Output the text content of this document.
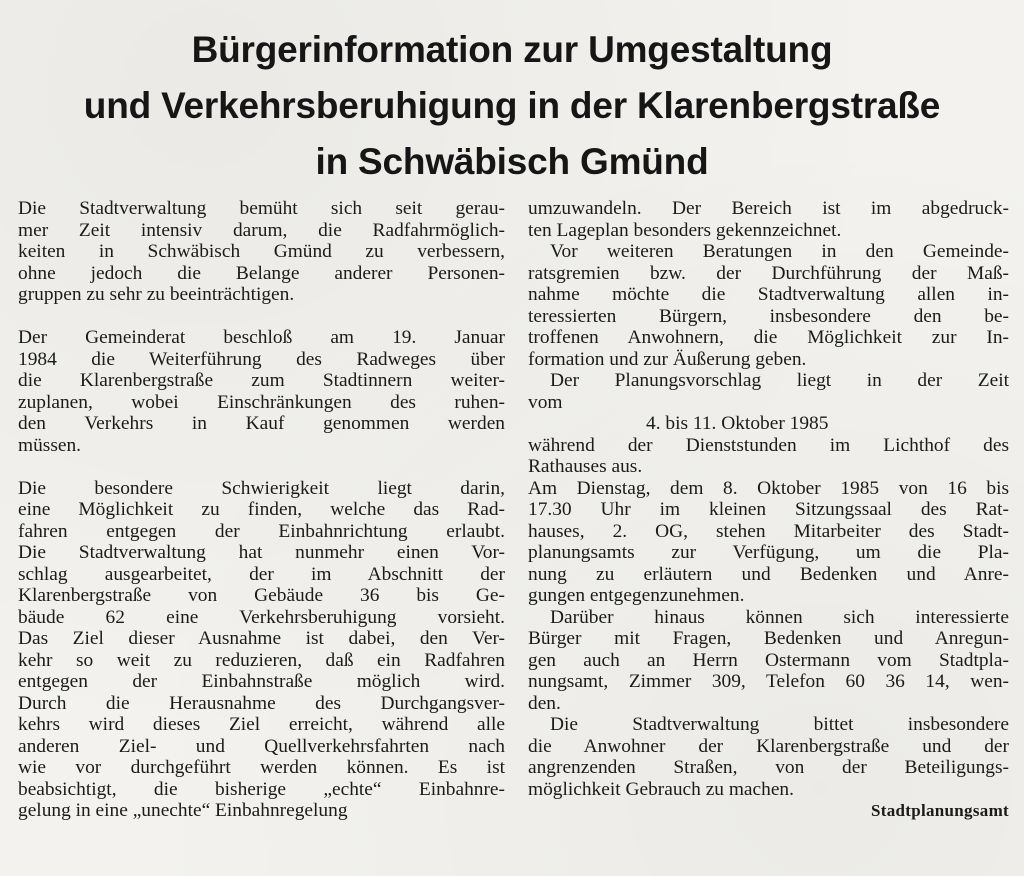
Bürgerinformation zur Umgestaltung
und Verkehrsberuhigung in der Klarenbergstraße
in Schwäbisch Gmünd
Die Stadtverwaltung bemüht sich seit gerau-
mer Zeit intensiv darum, die Radfahrmöglich-
keiten in Schwäbisch Gmünd zu verbessern,
ohne jedoch die Belange anderer Personen-
gruppen zu sehr zu beeinträchtigen.
Der Gemeinderat beschloß am 19. Januar
1984 die Weiterführung des Radweges über
die Klarenbergstraße zum Stadtinnern weiter-
zuplanen, wobei Einschränkungen des ruhen-
den Verkehrs in Kauf genommen werden
müssen.
Die besondere Schwierigkeit liegt darin,
eine Möglichkeit zu finden, welche das Rad-
fahren entgegen der Einbahnrichtung erlaubt.
Die Stadtverwaltung hat nunmehr einen Vor-
schlag ausgearbeitet, der im Abschnitt der
Klarenbergstraße von Gebäude 36 bis Ge-
bäude 62 eine Verkehrsberuhigung vorsieht.
Das Ziel dieser Ausnahme ist dabei, den Ver-
kehr so weit zu reduzieren, daß ein Radfahren
entgegen der Einbahnstraße möglich wird.
Durch die Herausnahme des Durchgangsver-
kehrs wird dieses Ziel erreicht, während alle
anderen Ziel- und Quellverkehrsfahrten nach
wie vor durchgeführt werden können. Es ist
beabsichtigt, die bisherige „echte“ Einbahnre-
gelung in eine „unechte“ Einbahnregelung
umzuwandeln. Der Bereich ist im abgedruck-
ten Lageplan besonders gekennzeichnet.
Vor weiteren Beratungen in den Gemeinde-
ratsgremien bzw. der Durchführung der Maß-
nahme möchte die Stadtverwaltung allen in-
teressierten Bürgern, insbesondere den be-
troffenen Anwohnern, die Möglichkeit zur In-
formation und zur Äußerung geben.
Der Planungsvorschlag liegt in der Zeit
vom
4. bis 11. Oktober 1985
während der Dienststunden im Lichthof des
Rathauses aus.
Am Dienstag, dem 8. Oktober 1985 von 16 bis
17.30 Uhr im kleinen Sitzungssaal des Rat-
hauses, 2. OG, stehen Mitarbeiter des Stadt-
planungsamts zur Verfügung, um die Pla-
nung zu erläutern und Bedenken und Anre-
gungen entgegenzunehmen.
Darüber hinaus können sich interessierte
Bürger mit Fragen, Bedenken und Anregun-
gen auch an Herrn Ostermann vom Stadtpla-
nungsamt, Zimmer 309, Telefon 60 36 14, wen-
den.
Die Stadtverwaltung bittet insbesondere
die Anwohner der Klarenbergstraße und der
angrenzenden Straßen, von der Beteiligungs-
möglichkeit Gebrauch zu machen.
Stadtplanungsamt
